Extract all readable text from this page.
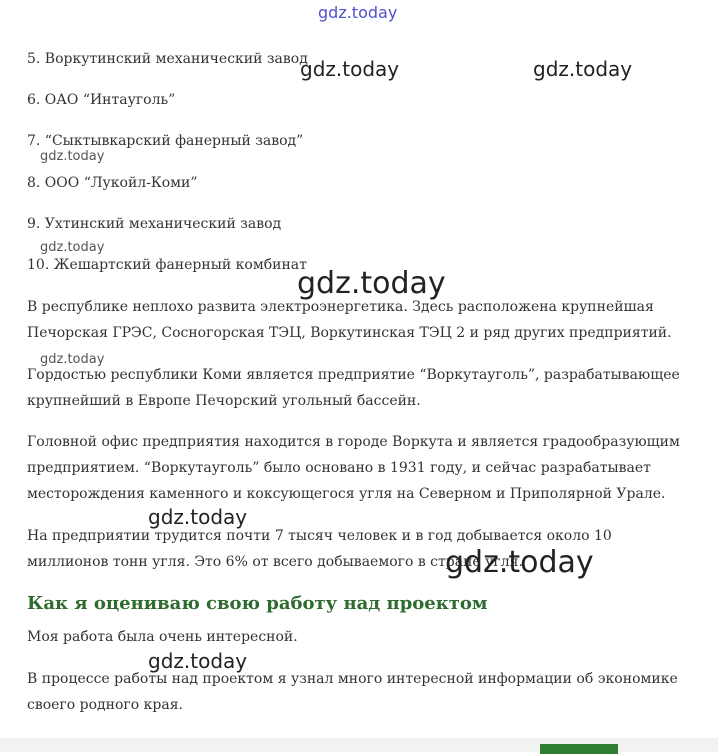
gdz.today
5. Воркутинский механический завод
6. ОАО “Интауголь”
7. “Сыктывкарский фанерный завод”
8. ООО “Лукойл-Коми”
9. Ухтинский механический завод
10. Жешартский фанерный комбинат
В республике неплохо развита электроэнергетика. Здесь расположена крупнейшая Печорская ГРЭС, Сосногорская ТЭЦ, Воркутинская ТЭЦ 2 и ряд других предприятий.
Гордостью республики Коми является предприятие “Воркутауголь”, разрабатывающее крупнейший в Европе Печорский угольный бассейн.
Головной офис предприятия находится в городе Воркута и является градообразующим предприятием. “Воркутауголь” было основано в 1931 году, и сейчас разрабатывает месторождения каменного и коксующегося угля на Северном и Приполярной Урале.
На предприятии трудится почти 7 тысяч человек и в год добывается около 10 миллионов тонн угля. Это 6% от всего добываемого в стране угля.
Как я оцениваю свою работу над проектом
Моя работа была очень интересной.
В процессе работы над проектом я узнал много интересной информации об экономике своего родного края.
gdz.today	gdz.today
gdz.today
gdz.today
gdz.today
gdz.today
gdz.today
gdz.today
gdz.today
